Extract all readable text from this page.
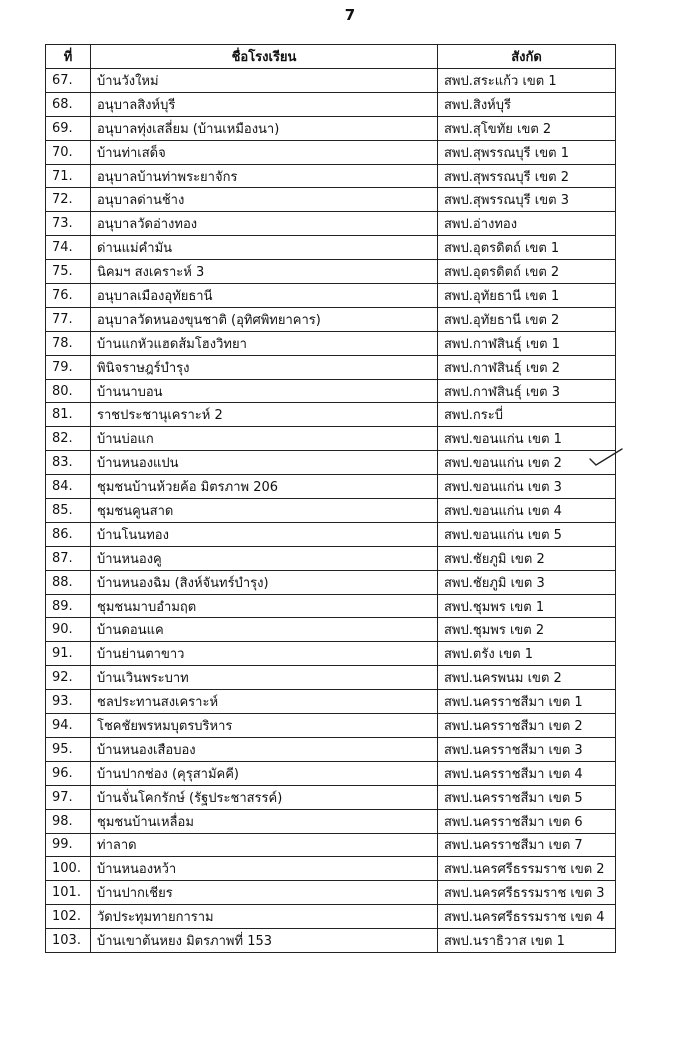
7
ที่	ชื่อโรงเรียน	สังกัด
67.	บ้านวังใหม่	สพป.สระแก้ว เขต 1
68.	อนุบาลสิงห์บุรี	สพป.สิงห์บุรี
69.	อนุบาลทุ่งเสลี่ยม (บ้านเหมืองนา)	สพป.สุโขทัย เขต 2
70.	บ้านท่าเสด็จ	สพป.สุพรรณบุรี เขต 1
71.	อนุบาลบ้านท่าพระยาจักร	สพป.สุพรรณบุรี เขต 2
72.	อนุบาลด่านช้าง	สพป.สุพรรณบุรี เขต 3
73.	อนุบาลวัดอ่างทอง	สพป.อ่างทอง
74.	ด่านแม่คำมัน	สพป.อุตรดิตถ์ เขต 1
75.	นิคมฯ สงเคราะห์ 3	สพป.อุตรดิตถ์ เขต 2
76.	อนุบาลเมืองอุทัยธานี	สพป.อุทัยธานี เขต 1
77.	อนุบาลวัดหนองขุนชาติ (อุทิศพิทยาคาร)	สพป.อุทัยธานี เขต 2
78.	บ้านแกหัวแฮดส้มโฮงวิทยา	สพป.กาฬสินธุ์ เขต 1
79.	พินิจราษฎร์บำรุง	สพป.กาฬสินธุ์ เขต 2
80.	บ้านนาบอน	สพป.กาฬสินธุ์ เขต 3
81.	ราชประชานุเคราะห์ 2	สพป.กระบี่
82.	บ้านบ่อแก	สพป.ขอนแก่น เขต 1
83.	บ้านหนองแปน	สพป.ขอนแก่น เขต 2
84.	ชุมชนบ้านห้วยค้อ มิตรภาพ 206	สพป.ขอนแก่น เขต 3
85.	ชุมชนคูนสาด	สพป.ขอนแก่น เขต 4
86.	บ้านโนนทอง	สพป.ขอนแก่น เขต 5
87.	บ้านหนองคู	สพป.ชัยภูมิ เขต 2
88.	บ้านหนองฉิม (สิงห์จันทร์บำรุง)	สพป.ชัยภูมิ เขต 3
89.	ชุมชนมาบอำมฤต	สพป.ชุมพร เขต 1
90.	บ้านดอนแค	สพป.ชุมพร เขต 2
91.	บ้านย่านตาขาว	สพป.ตรัง เขต 1
92.	บ้านเวินพระบาท	สพป.นครพนม เขต 2
93.	ชลประทานสงเคราะห์	สพป.นครราชสีมา เขต 1
94.	โชคชัยพรหมบุตรบริหาร	สพป.นครราชสีมา เขต 2
95.	บ้านหนองเสือบอง	สพป.นครราชสีมา เขต 3
96.	บ้านปากช่อง (คุรุสามัคคี)	สพป.นครราชสีมา เขต 4
97.	บ้านจั่นโคกรักษ์ (รัฐประชาสรรค์)	สพป.นครราชสีมา เขต 5
98.	ชุมชนบ้านเหลื่อม	สพป.นครราชสีมา เขต 6
99.	ท่าลาด	สพป.นครราชสีมา เขต 7
100.	บ้านหนองหว้า	สพป.นครศรีธรรมราช เขต 2
101.	บ้านปากเชียร	สพป.นครศรีธรรมราช เขต 3
102.	วัดประทุมทายการาม	สพป.นครศรีธรรมราช เขต 4
103.	บ้านเขาต้นหยง มิตรภาพที่ 153	สพป.นราธิวาส เขต 1
